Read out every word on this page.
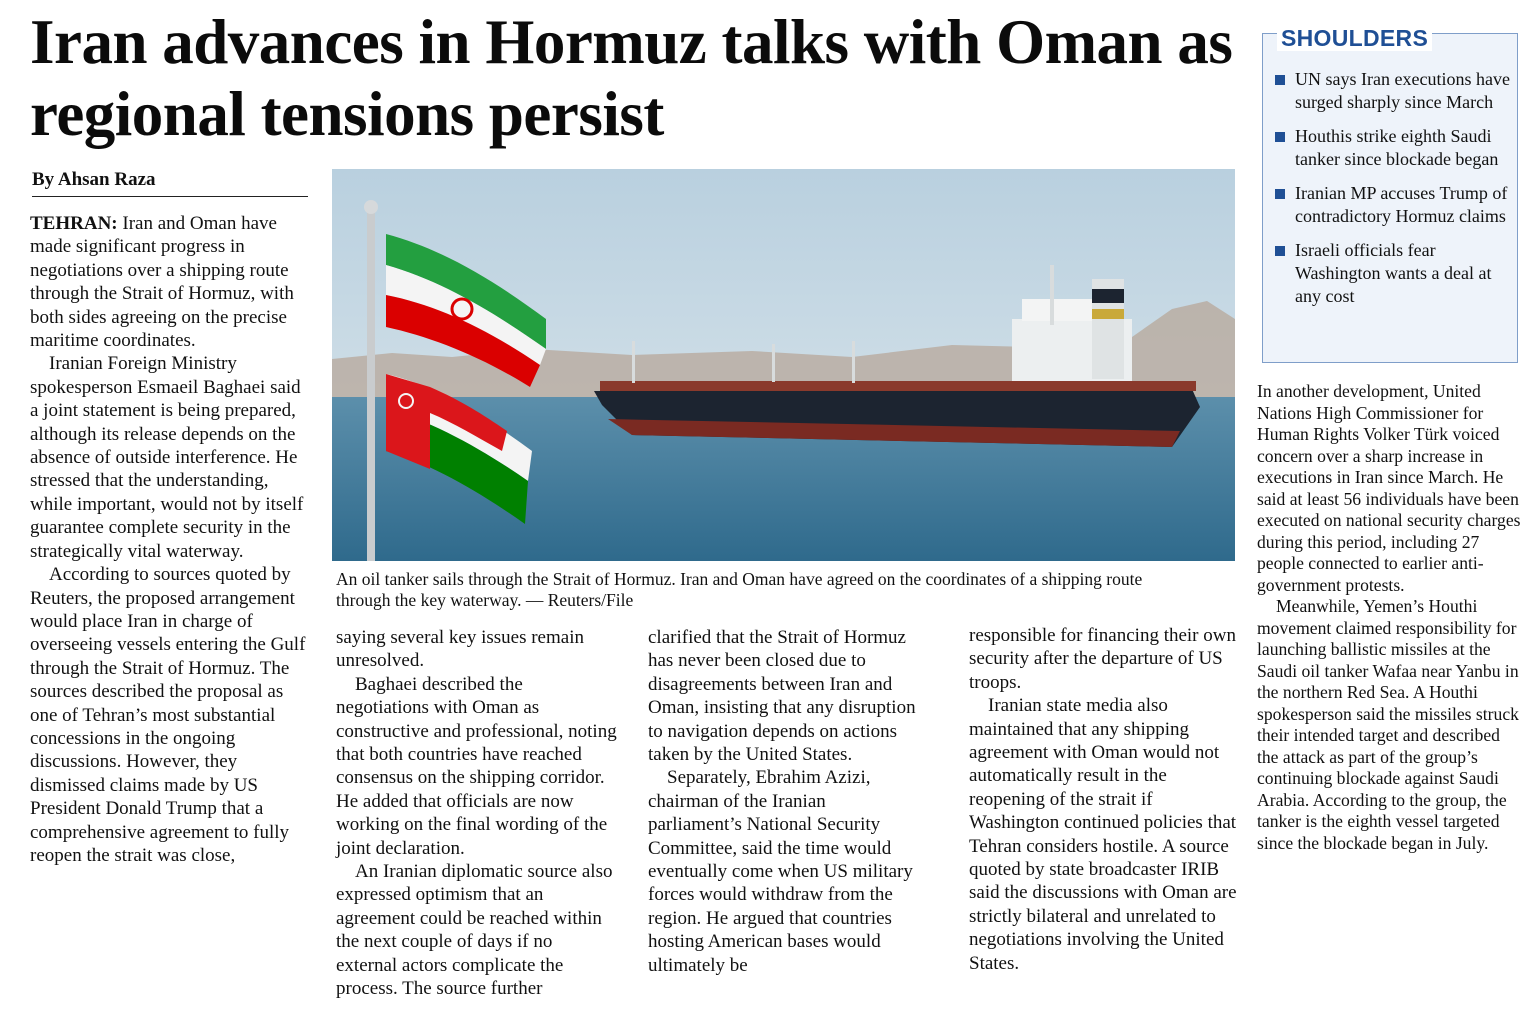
Iran advances in Hormuz talks with Oman as regional tensions persist
By Ahsan Raza

TEHRAN: Iran and Oman have made significant progress in negotiations over a shipping route through the Strait of Hormuz, with both sides agreeing on the precise maritime coordinates.

Iranian Foreign Ministry spokesperson Esmaeil Baghaei said a joint statement is being prepared, although its release depends on the absence of outside interference. He stressed that the understanding, while important, would not by itself guarantee complete security in the strategically vital waterway.

According to sources quoted by Reuters, the proposed arrangement would place Iran in charge of overseeing vessels entering the Gulf through the Strait of Hormuz. The sources described the proposal as one of Tehran’s most substantial concessions in the ongoing discussions. However, they dismissed claims made by US President Donald Trump that a comprehensive agreement to fully reopen the strait was close,

An oil tanker sails through the Strait of Hormuz. Iran and Oman have agreed on the coordinates of a shipping route through the key waterway. — Reuters/File

saying several key issues remain unresolved.

Baghaei described the negotiations with Oman as constructive and professional, noting that both countries have reached consensus on the shipping corridor. He added that officials are now working on the final wording of the joint declaration.

An Iranian diplomatic source also expressed optimism that an agreement could be reached within the next couple of days if no external actors complicate the process. The source further

clarified that the Strait of Hormuz has never been closed due to disagreements between Iran and Oman, insisting that any disruption to navigation depends on actions taken by the United States.

Separately, Ebrahim Azizi, chairman of the Iranian parliament’s National Security Committee, said the time would eventually come when US military forces would withdraw from the region. He argued that countries hosting American bases would ultimately be

responsible for financing their own security after the departure of US troops.

Iranian state media also maintained that any shipping agreement with Oman would not automatically result in the reopening of the strait if Washington continued policies that Tehran considers hostile. A source quoted by state broadcaster IRIB said the discussions with Oman are strictly bilateral and unrelated to negotiations involving the United States.

SHOULDERS
UN says Iran executions have surged sharply since March
Houthis strike eighth Saudi tanker since blockade began
Iranian MP accuses Trump of contradictory Hormuz claims
Israeli officials fear Washington wants a deal at any cost

In another development, United Nations High Commissioner for Human Rights Volker Türk voiced concern over a sharp increase in executions in Iran since March. He said at least 56 individuals have been executed on national security charges during this period, including 27 people connected to earlier anti-government protests.

Meanwhile, Yemen’s Houthi movement claimed responsibility for launching ballistic missiles at the Saudi oil tanker Wafaa near Yanbu in the northern Red Sea. A Houthi spokesperson said the missiles struck their intended target and described the attack as part of the group’s continuing blockade against Saudi Arabia. According to the group, the tanker is the eighth vessel targeted since the blockade began in July.
